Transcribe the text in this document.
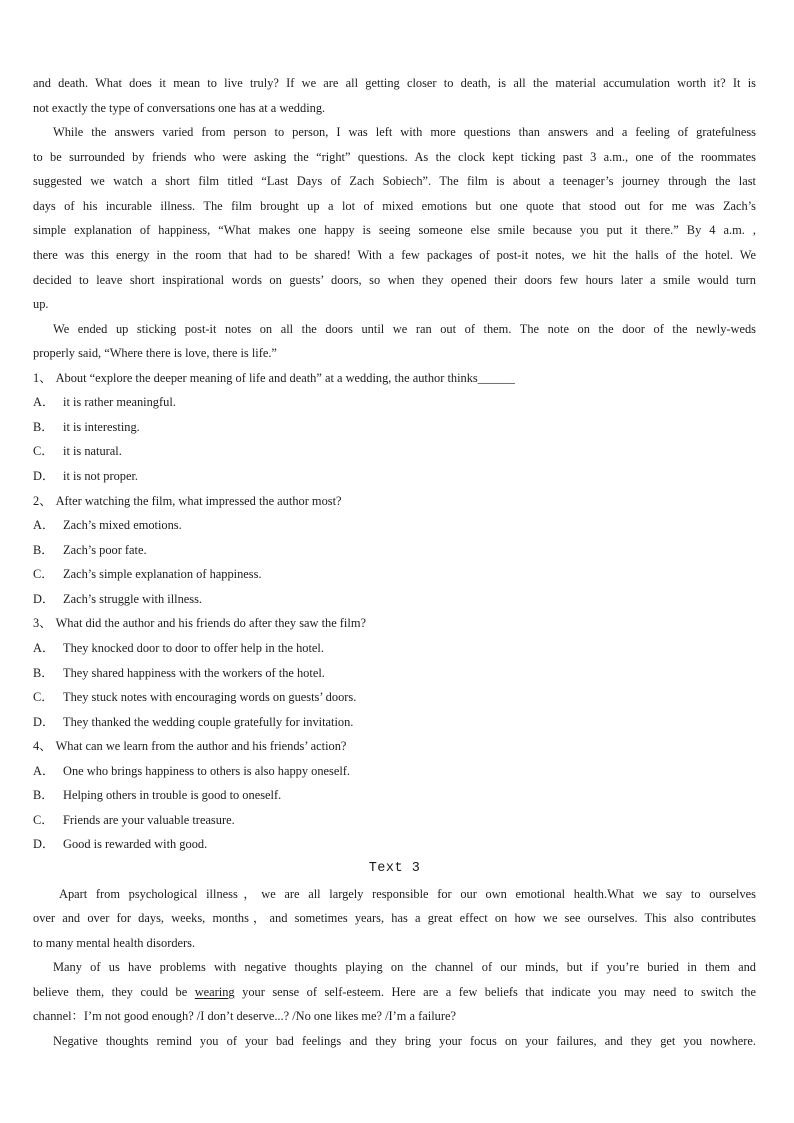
and death. What does it mean to live truly? If we are all getting closer to death, is all the material accumulation worth it? It is
not exactly the type of conversations one has at a wedding.
While the answers varied from person to person, I was left with more questions than answers and a feeling of gratefulness
to be surrounded by friends who were asking the “right” questions. As the clock kept ticking past 3 a.m., one of the roommates
suggested we watch a short film titled “Last Days of Zach Sobiech”. The film is about a teenager’s journey through the last
days of his incurable illness. The film brought up a lot of mixed emotions but one quote that stood out for me was Zach’s
simple explanation of happiness, “What makes one happy is seeing someone else smile because you put it there.” By 4 a.m. ,
there was this energy in the room that had to be shared! With a few packages of post-it notes, we hit the halls of the hotel. We
decided to leave short inspirational words on guests’ doors, so when they opened their doors few hours later a smile would turn
up.
We ended up sticking post-it notes on all the doors until we ran out of them. The note on the door of the newly-weds
properly said, “Where there is love, there is life.”
1、 About “explore the deeper meaning of life and death” at a wedding, the author thinks______
A． it is rather meaningful.
B． it is interesting.
C． it is natural.
D． it is not proper.
2、 After watching the film, what impressed the author most?
A． Zach’s mixed emotions.
B． Zach’s poor fate.
C． Zach’s simple explanation of happiness.
D． Zach’s struggle with illness.
3、 What did the author and his friends do after they saw the film?
A． They knocked door to door to offer help in the hotel.
B． They shared happiness with the workers of the hotel.
C． They stuck notes with encouraging words on guests’ doors.
D． They thanked the wedding couple gratefully for invitation.
4、 What can we learn from the author and his friends’ action?
A． One who brings happiness to others is also happy oneself.
B． Helping others in trouble is good to oneself.
C． Friends are your valuable treasure.
D． Good is rewarded with good.
Text 3
Apart from psychological illness，we are all largely responsible for our own emotional health.What we say to ourselves
over and over for days, weeks, months，and sometimes years, has a great effect on how we see ourselves. This also contributes
to many mental health disorders.
Many of us have problems with negative thoughts playing on the channel of our minds, but if you’re buried in them and
believe them, they could be wearing your sense of self-esteem. Here are a few beliefs that indicate you may need to switch the
channel：I’m not good enough? /I don’t deserve...? /No one likes me? /I’m a failure?
Negative thoughts remind you of your bad feelings and they bring your focus on your failures, and they get you nowhere.
